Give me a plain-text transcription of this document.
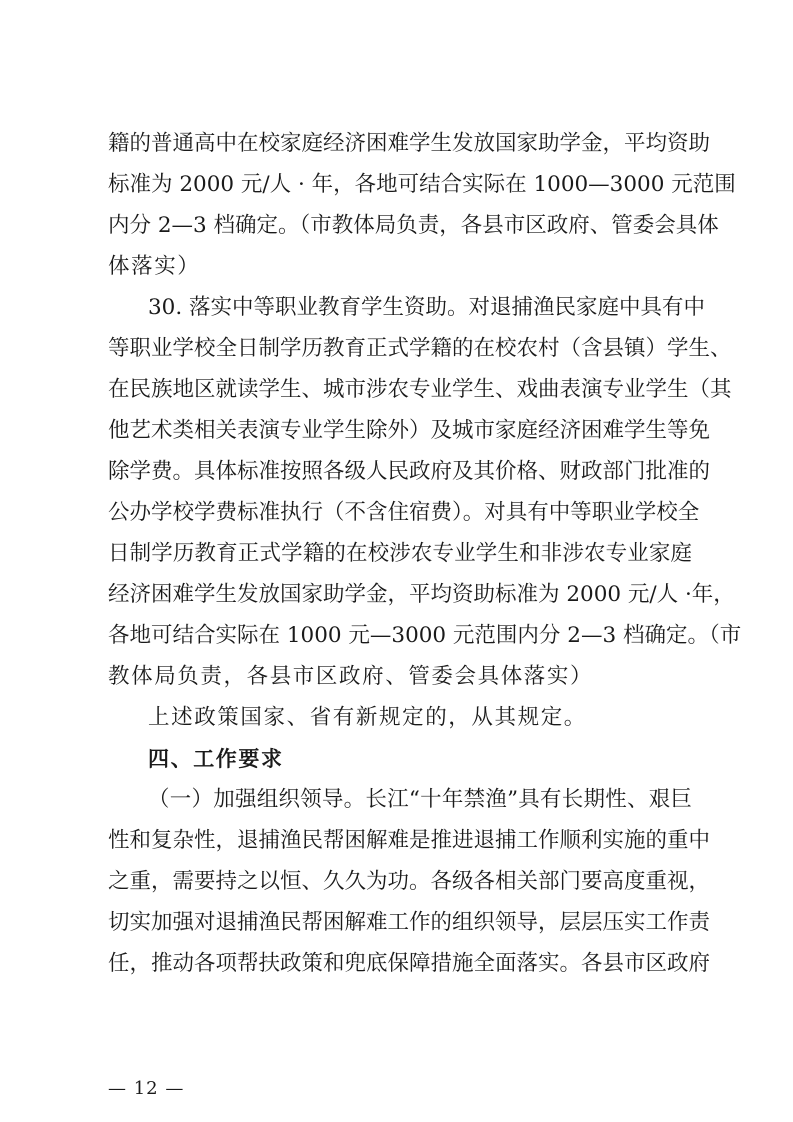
籍的普通高中在校家庭经济困难学生发放国家助学金，平均资助
标准为 2000 元/人 · 年，各地可结合实际在 1000—3000 元范围
内分 2—3 档确定。（市教体局负责，各县市区政府、管委会具体
体落实）
30. 落实中等职业教育学生资助。对退捕渔民家庭中具有中
等职业学校全日制学历教育正式学籍的在校农村（含县镇）学生、
在民族地区就读学生、城市涉农专业学生、戏曲表演专业学生（其
他艺术类相关表演专业学生除外）及城市家庭经济困难学生等免
除学费。具体标准按照各级人民政府及其价格、财政部门批准的
公办学校学费标准执行（不含住宿费）。对具有中等职业学校全
日制学历教育正式学籍的在校涉农专业学生和非涉农专业家庭
经济困难学生发放国家助学金，平均资助标准为 2000 元/人 ·年，
各地可结合实际在 1000 元—3000 元范围内分 2—3 档确定。（市
教体局负责，各县市区政府、管委会具体落实）
上述政策国家、省有新规定的，从其规定。
四、工作要求
（一）加强组织领导。长江“十年禁渔”具有长期性、艰巨
性和复杂性，退捕渔民帮困解难是推进退捕工作顺利实施的重中
之重，需要持之以恒、久久为功。各级各相关部门要高度重视，
切实加强对退捕渔民帮困解难工作的组织领导，层层压实工作责
任，推动各项帮扶政策和兜底保障措施全面落实。各县市区政府
— 12 —
